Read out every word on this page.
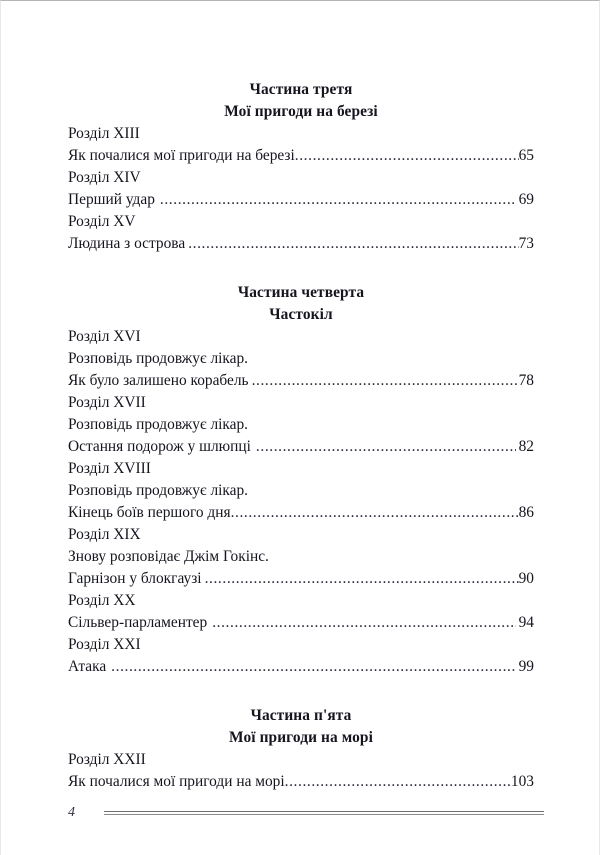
Частина третя
Мої пригоди на березі
Розділ XIII
Як почалися мої пригоди на березі .....	65
Розділ XIV
Перший удар .....	69
Розділ XV
Людина з острова .....	73
Частина четверта
Частокіл
Розділ XVI
Розповідь продовжує лікар.
Як було залишено корабель .....	78
Розділ XVII
Розповідь продовжує лікар.
Остання подорож у шлюпці .....	82
Розділ XVIII
Розповідь продовжує лікар.
Кінець боїв першого дня .....	86
Розділ XIX
Знову розповідає Джім Гокінс.
Гарнізон у блокгаузі .....	90
Розділ XX
Сільвер-парламентер .....	94
Розділ XXI
Атака .....	99
Частина п'ята
Мої пригоди на морі
Розділ XXII
Як почалися мої пригоди на морі .....	103
4
